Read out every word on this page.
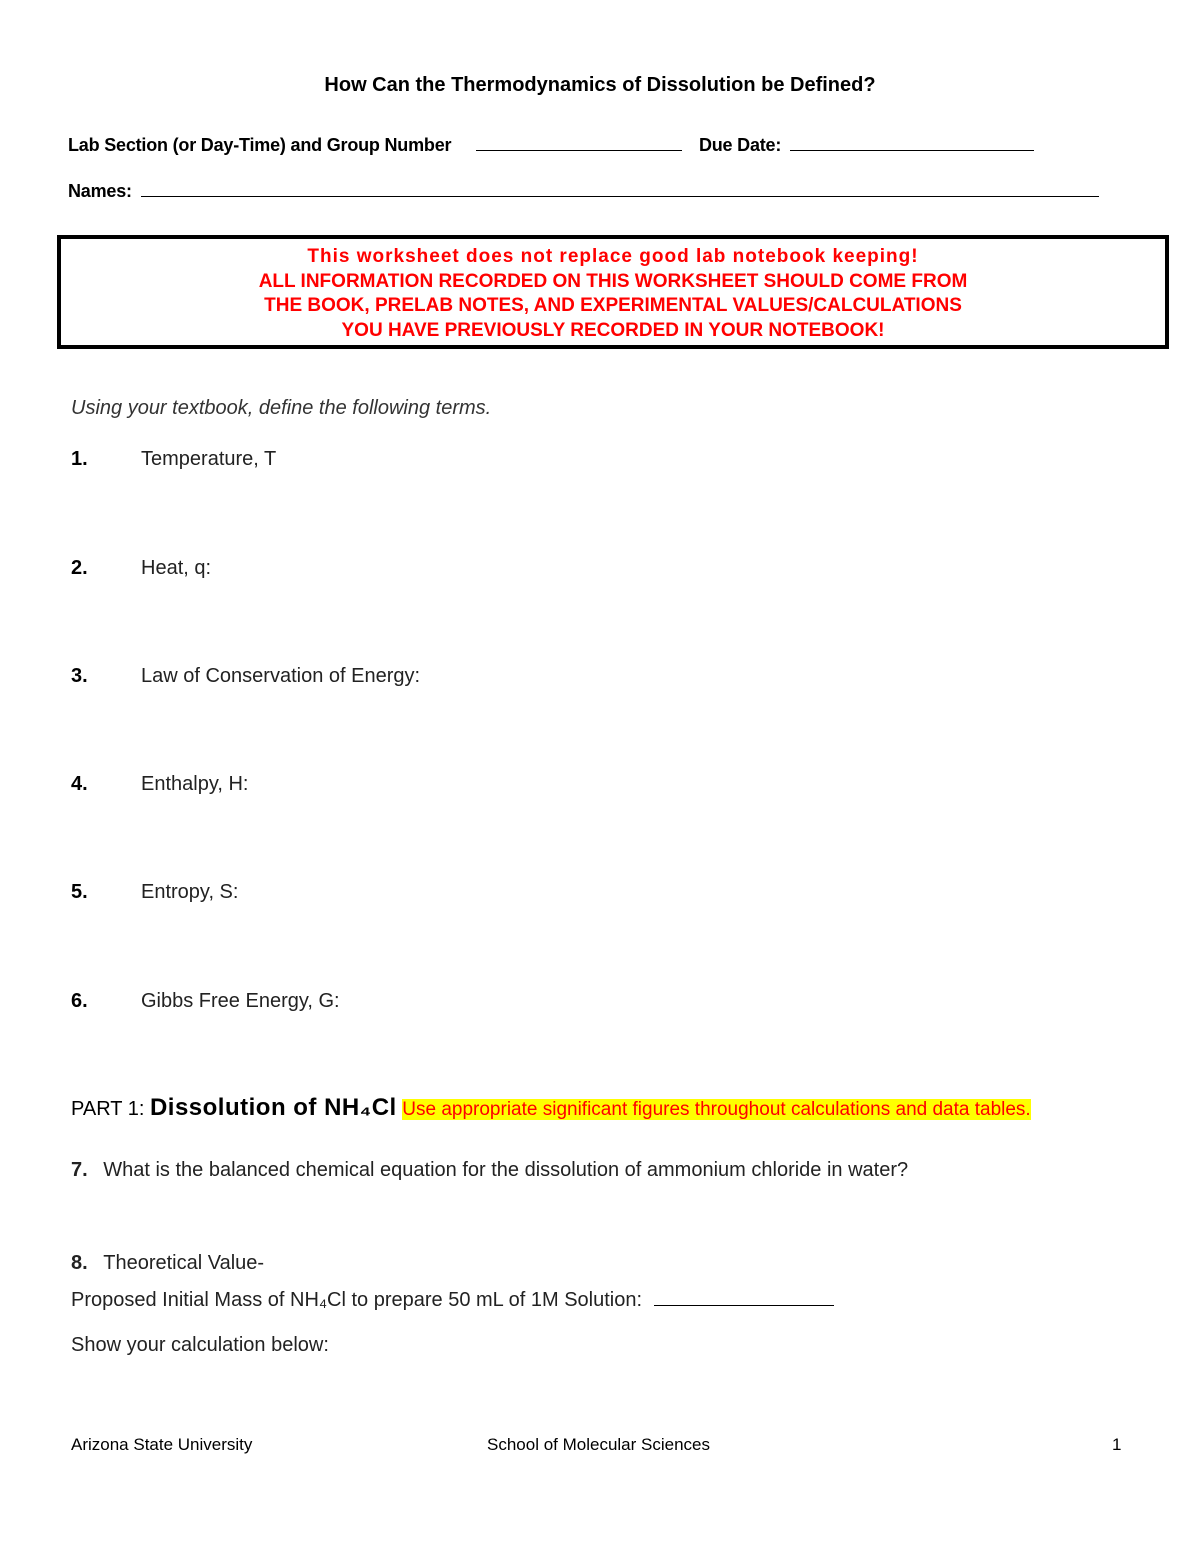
How Can the Thermodynamics of Dissolution be Defined?
Lab Section (or Day-Time) and Group Number	Due Date:
Names:
This worksheet does not replace good lab notebook keeping!
ALL INFORMATION RECORDED ON THIS WORKSHEET SHOULD COME FROM
THE BOOK, PRELAB NOTES, AND EXPERIMENTAL VALUES/CALCULATIONS
YOU HAVE PREVIOUSLY RECORDED IN YOUR NOTEBOOK!
Using your textbook, define the following terms.
1.	Temperature, T
2.	Heat, q:
3.	Law of Conservation of Energy:
4.	Enthalpy, H:
5.	Entropy, S:
6.	Gibbs Free Energy, G:
PART 1: Dissolution of NH₄Cl Use appropriate significant figures throughout calculations and data tables.
7. What is the balanced chemical equation for the dissolution of ammonium chloride in water?
8. Theoretical Value-
Proposed Initial Mass of NH₄Cl to prepare 50 mL of 1M Solution:
Show your calculation below:
Arizona State University	School of Molecular Sciences	1
